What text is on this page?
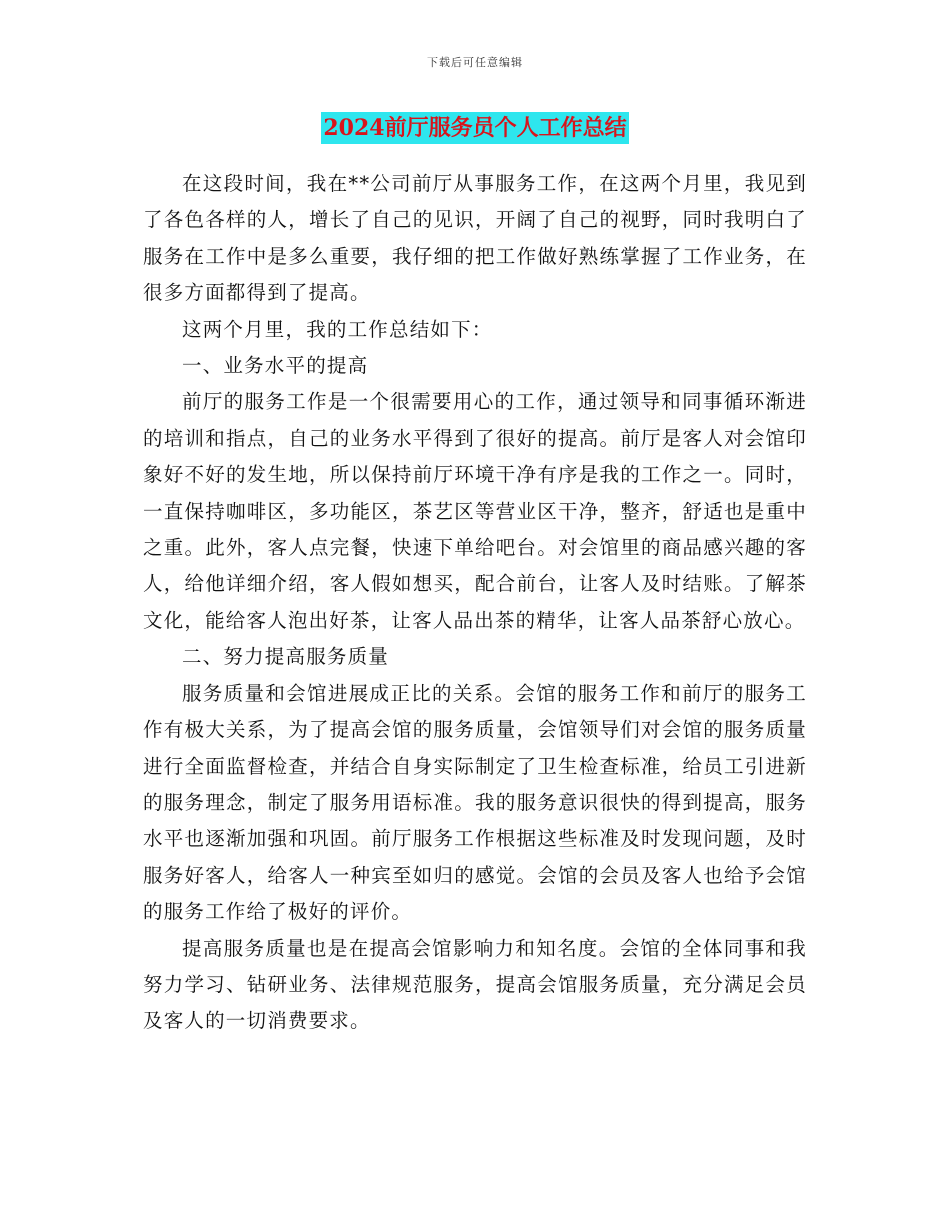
下载后可任意编辑
2024前厅服务员个人工作总结

在这段时间，我在**公司前厅从事服务工作，在这两个月里，我见到了各色各样的人，增长了自己的见识，开阔了自己的视野，同时我明白了服务在工作中是多么重要，我仔细的把工作做好熟练掌握了工作业务，在很多方面都得到了提高。

这两个月里，我的工作总结如下：

一、业务水平的提高

前厅的服务工作是一个很需要用心的工作，通过领导和同事循环渐进的培训和指点，自己的业务水平得到了很好的提高。前厅是客人对会馆印象好不好的发生地，所以保持前厅环境干净有序是我的工作之一。同时，一直保持咖啡区，多功能区，茶艺区等营业区干净，整齐，舒适也是重中之重。此外，客人点完餐，快速下单给吧台。对会馆里的商品感兴趣的客人，给他详细介绍，客人假如想买，配合前台，让客人及时结账。了解茶文化，能给客人泡出好茶，让客人品出茶的精华，让客人品茶舒心放心。

二、努力提高服务质量

服务质量和会馆进展成正比的关系。会馆的服务工作和前厅的服务工作有极大关系，为了提高会馆的服务质量，会馆领导们对会馆的服务质量进行全面监督检查，并结合自身实际制定了卫生检查标准，给员工引进新的服务理念，制定了服务用语标准。我的服务意识很快的得到提高，服务水平也逐渐加强和巩固。前厅服务工作根据这些标准及时发现问题，及时服务好客人，给客人一种宾至如归的感觉。会馆的会员及客人也给予会馆的服务工作给了极好的评价。

提高服务质量也是在提高会馆影响力和知名度。会馆的全体同事和我努力学习、钻研业务、法律规范服务，提高会馆服务质量，充分满足会员及客人的一切消费要求。
